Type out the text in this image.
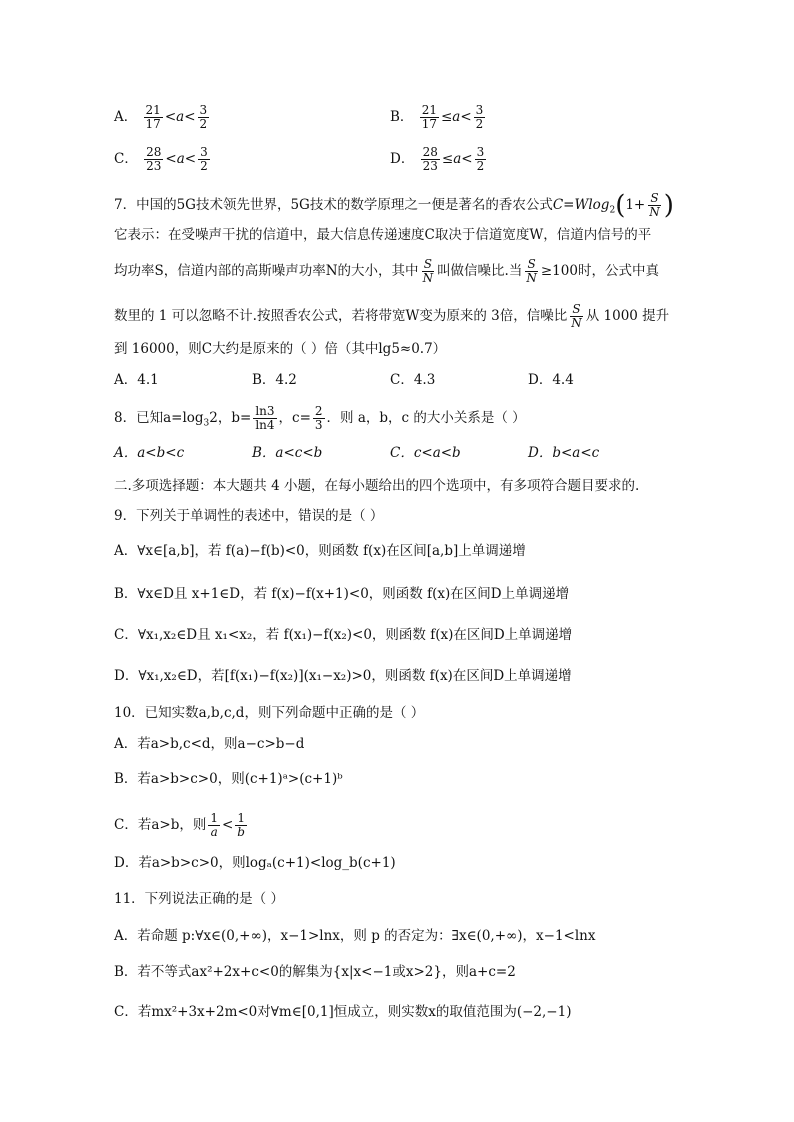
A． $\frac{21}{17} <a< \frac{3}{2}$	B． $\frac{21}{17} \le a< \frac{3}{2}$
C． $\frac{28}{23} <a< \frac{3}{2}$	D． $\frac{28}{23} \le a< \frac{3}{2}$
7．中国的5G技术领先世界，5G技术的数学原理之一便是著名的香农公式$C=Wlog_2(1+ \frac{S}{N}$ )
它表示：在受噪声干扰的信道中，最大信息传递速度C取决于信道宽度W，信道内信号的平
均功率S，信道内部的高斯噪声功率N的大小，其中 $\frac{S}{N}$ 叫做信噪比.当 $\frac{S}{N} \ge 100$时，公式中真
数里的 1 可以忽略不计.按照香农公式，若将带宽W变为原来的 3倍，信噪比 $\frac{S}{N}$ 从 1000 提升
到 16000，则C大约是原来的（ ）倍（其中lg5≈0.7）
A．4.1	B．4.2	C．4.3	D．4.4
8．已知$a=\log_32$，$b= \frac{\ln 3}{\ln 4}$ ，$c= \frac{2}{3}$ ．则 a，b，c 的大小关系是（ ）
A．a<b<c	B．a<c<b	C．c<a<b	D．b<a<c
二.多项选择题：本大题共 4 小题，在每小题给出的四个选项中，有多项符合题目要求的.
9．下列关于单调性的表述中，错误的是（ ）
A．∀x∈[a,b]，若 f(a)−f(b)<0，则函数 f(x)在区间[a,b]上单调递增
B．∀x∈D且 x+1∈D，若 f(x)−f(x+1)<0，则函数 f(x)在区间D上单调递增
C．∀x₁,x₂∈D且 x₁<x₂，若 f(x₁)−f(x₂)<0，则函数 f(x)在区间D上单调递增
D．∀x₁,x₂∈D，若[f(x₁)−f(x₂)](x₁−x₂)>0，则函数 f(x)在区间D上单调递增
10．已知实数a,b,c,d，则下列命题中正确的是（ ）
A．若a>b,c<d，则a−c>b−d
B．若a>b>c>0，则(c+1)ᵃ>(c+1)ᵇ
C．若a>b，则 $\frac{1}{a} < \frac{1}{b}$
D．若a>b>c>0，则logₐ(c+1)<log_b(c+1)
11．下列说法正确的是（ ）
A．若命题 p:∀x∈(0,+∞)，x−1>lnx，则 p 的否定为：∃x∈(0,+∞)，x−1<lnx
B．若不等式ax²+2x+c<0的解集为{x|x<−1或x>2}，则a+c=2
C．若mx²+3x+2m<0对∀m∈[0,1]恒成立，则实数x的取值范围为(−2,−1)
